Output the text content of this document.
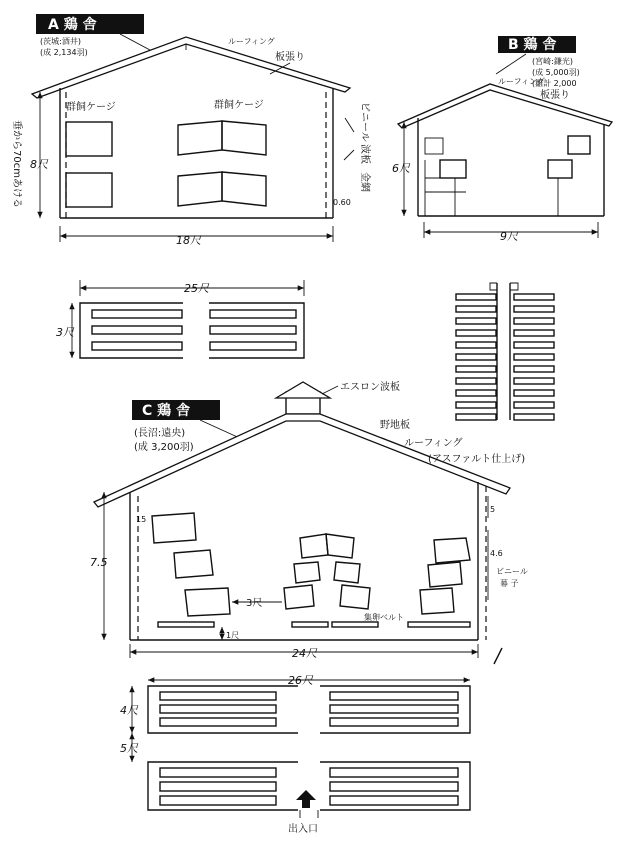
A 鶏 舎
(茨城:酒井)
(成 2,134羽)
群飼ケージ	群飼ケージ
ルーフィング
板張り
ビニール
波板
金網
0.60
8尺
垂から70cmあける
18尺
B 鶏 舎
(宮崎:鎌光)
(成 5,000羽)
(雛計 2,000
ルーフィング
板張り
6尺
9尺
25尺
3尺
C 鶏 舎
(長沼:遠央)
(成 3,200羽)
エスロン波板
野地板
ルーフィング
(アスファルト仕上げ)
15
3尺
1尺
集卵ベルト
5
4.6
ビニール
幕 子
7.5
24尺
26尺
4尺
5尺
出入口
